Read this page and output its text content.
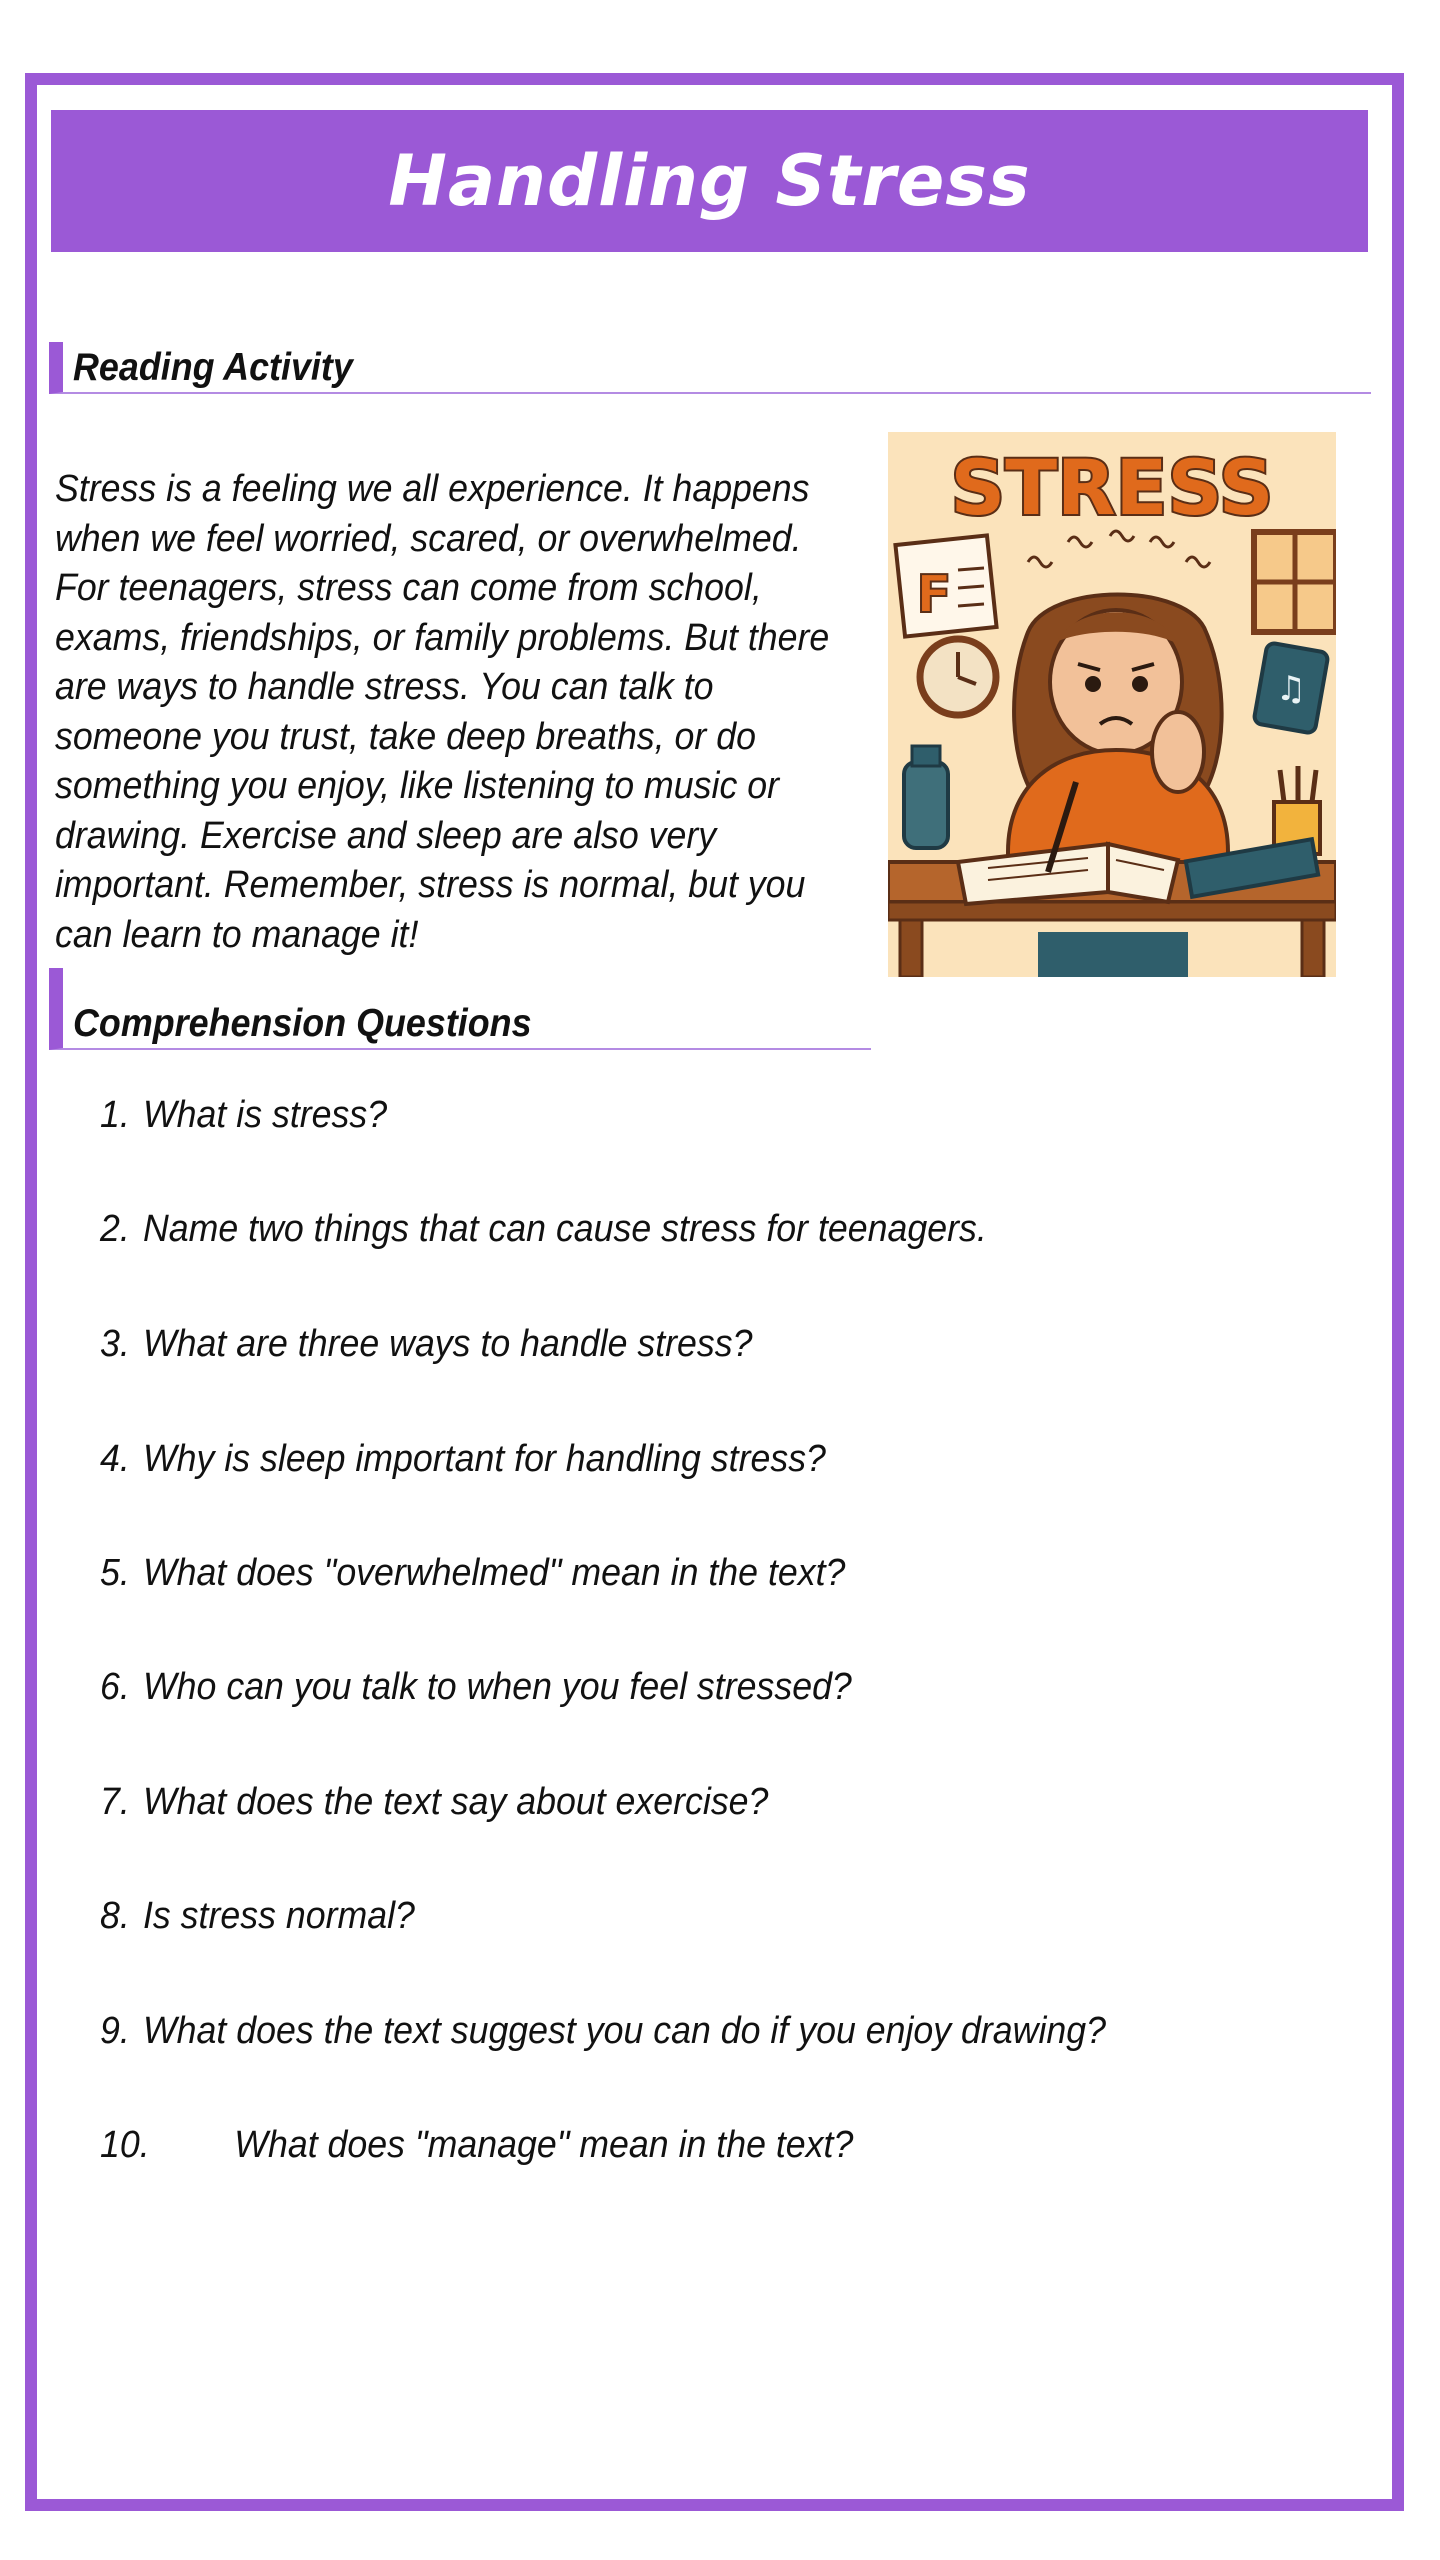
Handling Stress
Reading Activity

Stress is a feeling we all experience. It happens when we feel worried, scared, or overwhelmed. For teenagers, stress can come from school, exams, friendships, or family problems. But there are ways to handle stress. You can talk to someone you trust, take deep breaths, or do something you enjoy, like listening to music or drawing. Exercise and sleep are also very important. Remember, stress is normal, but you can learn to manage it!

STRESS
F
♫
Comprehension Questions
1. What is stress?
2. Name two things that can cause stress for teenagers.
3. What are three ways to handle stress?
4. Why is sleep important for handling stress?
5. What does "overwhelmed" mean in the text?
6. Who can you talk to when you feel stressed?
7. What does the text say about exercise?
8. Is stress normal?
9. What does the text suggest you can do if you enjoy drawing?
10. What does "manage" mean in the text?
